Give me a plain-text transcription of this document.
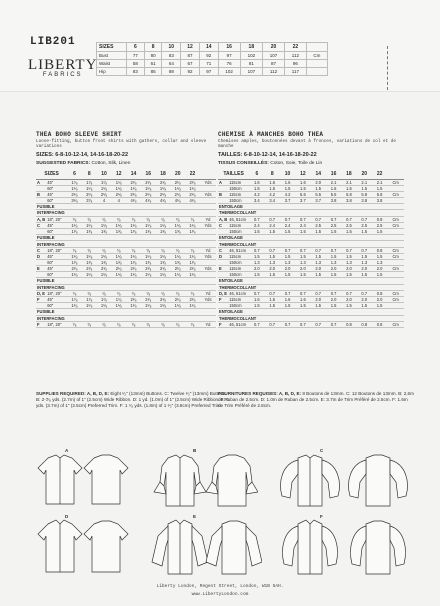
LIB201
LIBERTY
FABRICS
SIZES	6	8	10	12	14	16	18	20	22	
Bust	77	80	83	87	92	97	102	107	112	Cm
Waist	58	61	64	67	71	76	81	87	96	
Hip	83	85	88	92	97	102	107	112	117	
THEA BOHO SLEEVE SHIRT
Loose-fitting, button front shirts with gathers, collar and sleeve variations
SIZES: 6-8-10-12-14, 14-16-18-20-22
SUGGESTED FABRICS: Cotton, Silk, Linen
SIZES		6	8	10	12	14	16	18	20	22	
A	45"	1⁷⁄₈	1⁷⁄₈	1⁷⁄₈	1⁷⁄₈	2¹⁄₈	2¹⁄₈	2¹⁄₈	2¹⁄₈	2¹⁄₈	Yds
	60"	1⁵⁄₈	1⁵⁄₈	1⁵⁄₈	1⁵⁄₈	1⁵⁄₈	1⁵⁄₈	1⁵⁄₈	1⁵⁄₈	1⁵⁄₈	
B	45"	2⁵⁄₈	2⁵⁄₈	2⁵⁄₈	2⁵⁄₈	2⁵⁄₈	2⁵⁄₈	2⁵⁄₈	2⁵⁄₈	2⁵⁄₈	Yds
	60"	3⁵⁄₈	3⁷⁄₈	4	4	4¹⁄₈	4¹⁄₈	4¹⁄₈	4¹⁄₈	4¹⁄₈	
FUSIBLE											
INTERFACING											
A, B	18", 20"	⁷⁄₈	⁷⁄₈	⁷⁄₈	⁷⁄₈	⁷⁄₈	⁷⁄₈	⁷⁄₈	⁷⁄₈	⁷⁄₈	Yd
C	45"	1⁵⁄₈	1⁵⁄₈	1⁵⁄₈	1⁵⁄₈	1⁵⁄₈	1⁵⁄₈	1⁵⁄₈	1⁵⁄₈	1⁵⁄₈	Yds
	60"	1³⁄₈	1³⁄₈	1³⁄₈	1³⁄₈	1³⁄₈	1³⁄₈	1³⁄₈	1³⁄₈	1³⁄₈	
FUSIBLE											
INTERFACING											
C	18", 20"	⁷⁄₈	⁷⁄₈	⁷⁄₈	⁷⁄₈	⁷⁄₈	⁷⁄₈	⁷⁄₈	⁷⁄₈	⁷⁄₈	Yd
D	45"	1⁵⁄₈	1⁵⁄₈	1⁵⁄₈	1⁵⁄₈	1⁵⁄₈	1⁵⁄₈	1⁵⁄₈	1⁵⁄₈	1⁵⁄₈	Yds
	60"	1³⁄₈	1³⁄₈	1³⁄₈	1³⁄₈	1³⁄₈	1³⁄₈	1³⁄₈	1³⁄₈	1³⁄₈	
E	45"	2¹⁄₈	2¹⁄₈	2¹⁄₈	2¹⁄₈	2¹⁄₈	2¹⁄₈	2¹⁄₈	2¹⁄₈	2¹⁄₈	Yds
	60"	1⁵⁄₈	1⁵⁄₈	1⁵⁄₈	1⁵⁄₈	1⁵⁄₈	1⁵⁄₈	1⁵⁄₈	1⁵⁄₈	1⁵⁄₈	
FUSIBLE											
INTERFACING											
D, E	18", 20"	⁷⁄₈	⁷⁄₈	⁷⁄₈	⁷⁄₈	⁷⁄₈	⁷⁄₈	⁷⁄₈	⁷⁄₈	⁷⁄₈	Yd
F	45"	1⁷⁄₈	1⁷⁄₈	1⁷⁄₈	1⁷⁄₈	2¹⁄₈	2¹⁄₈	2¹⁄₈	2¹⁄₈	2¹⁄₈	Yds
	60"	1⁵⁄₈	1⁵⁄₈	1⁵⁄₈	1⁵⁄₈	1⁵⁄₈	1⁵⁄₈	1⁵⁄₈	1⁵⁄₈	1⁵⁄₈	
FUSIBLE											
INTERFACING											
F	18", 20"	⁷⁄₈	⁷⁄₈	⁷⁄₈	⁷⁄₈	⁷⁄₈	⁷⁄₈	⁷⁄₈	⁷⁄₈	⁷⁄₈	Yd
SUPPLIES REQUIRED: A, B, D, E: Eight ¹⁄₂" (13mm) Buttons. C: Twelve ¹⁄₂" (13mm) Buttons. B: 2-7⁄₈ yds. (2.7m) of 1" (2.5cm) Wide Ribbon. D: 1 yd. (1.0m) of 1" (2.5cm) Wide Ribbon. E: 4 yds. (3.7m) of 1" (2.5cm) Preferred Trim. F: 1 ⁷⁄₈ yds. (1.8m) of 1 ¹⁄₂" (3.8cm) Preferred Trim.
CHEMISE À MANCHES BOHO THEA
Chemises amples, boutonnées devant à fronces, variations de col et de manche
TAILLES: 6-8-10-12-14, 14-16-18-20-22
TISSUS CONSEILLÉS: Coton, Soie, Toile de Lin
TAILLES		6	8	10	12	14	16	18	20	22	
A	115cm	1.6	1.6	1.6	1.6	2.0	2.1	2.1	2.1	2.1	Cm
	150cm	1.5	1.5	1.5	1.5	1.5	1.5	1.5	1.5	1.5	
B	115cm	4.2	4.2	4.2	5.5	5.5	5.5	5.8	5.8	5.8	Cm
	150cm	3.4	3.4	3.7	3.7	3.7	3.8	3.8	3.8	3.8	
ENTOILAGE											
THERMOCOLLANT											
A, B	46, 51cm	0.7	0.7	0.7	0.7	0.7	0.7	0.7	0.7	0.8	Cm
C	115cm	2.4	2.4	2.4	2.4	2.5	2.5	2.5	2.5	2.5	Cm
	150cm	1.5	1.5	1.5	1.5	1.5	1.5	1.5	1.5	1.5	
ENTOILAGE											
THERMOCOLLANT											
C	46, 51cm	0.7	0.7	0.7	0.7	0.7	0.7	0.7	0.7	0.8	Cm
D	115cm	1.5	1.5	1.5	1.5	1.5	1.5	1.5	1.5	1.5	Cm
	150cm	1.3	1.3	1.3	1.3	1.3	1.3	1.3	1.3	1.3	
E	115cm	2.0	2.0	2.0	2.0	2.0	2.0	2.0	2.0	2.0	Cm
	150cm	1.5	1.5	1.5	1.5	1.5	1.5	1.5	1.5	1.5	
ENTOILAGE											
THERMOCOLLANT											
D, E	46, 51cm	0.7	0.7	0.7	0.7	0.7	0.7	0.7	0.7	0.8	Cm
F	115cm	1.6	1.6	1.6	1.6	2.0	2.0	2.0	2.0	2.0	Cm
	150cm	1.5	1.5	1.5	1.5	1.5	1.5	1.5	1.5	1.5	
ENTOILAGE											
THERMOCOLLANT											
F	46, 51cm	0.7	0.7	0.7	0.7	0.7	0.7	0.8	0.8	0.8	Cm
FOURNITURES REQUISES: A, B, D, E: 8 Boutons de 13mm. C: 12 Boutons de 13mm. B: 2,6m de Ruban de 2.5cm. D: 1.0m de Ruban de 2.5cm. E: 3.7m de Trim Préféré de 2.5cm. F: 1.6m de Trim Préféré de 2.8cm.
A	B	C
D	E	F
Liberty London, Regent Street, London, W1B 5AH.
www.LibertyLondon.com
